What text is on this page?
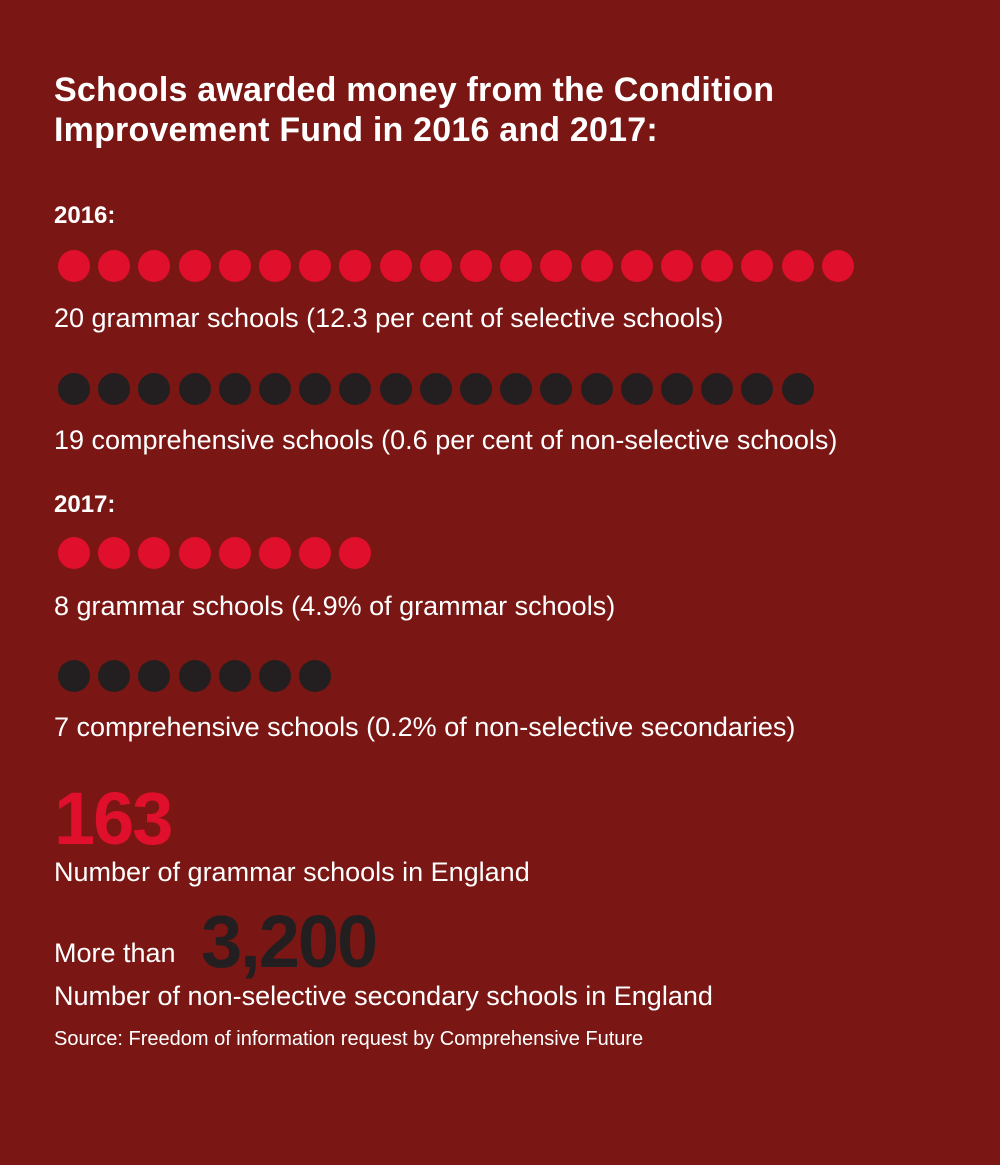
Schools awarded money from the Condition
Improvement Fund in 2016 and 2017:
2016:
20 grammar schools (12.3 per cent of selective schools)
19 comprehensive schools (0.6 per cent of non-selective schools)
2017:
8 grammar schools (4.9% of grammar schools)
7 comprehensive schools (0.2% of non-selective secondaries)
163
Number of grammar schools in England
More than 3,200
Number of non-selective secondary schools in England
Source: Freedom of information request by Comprehensive Future
